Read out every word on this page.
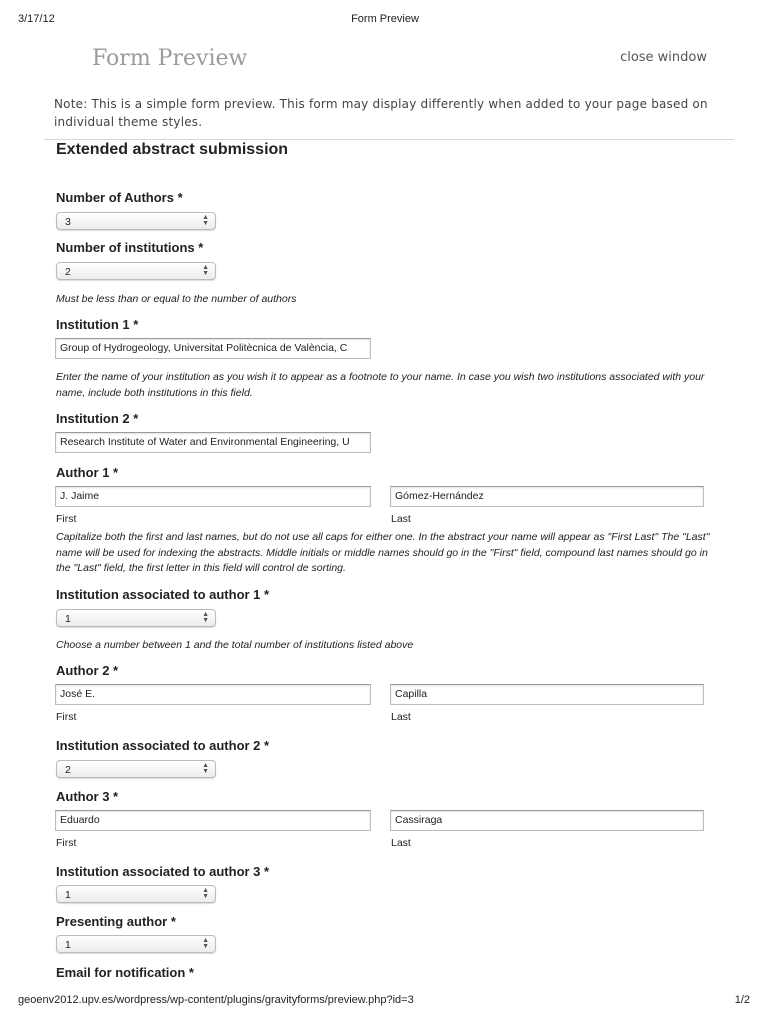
3/17/12	Form Preview
geoenv2012.upv.es/wordpress/wp-content/plugins/gravityforms/preview.php?id=3	1/2
Form Preview	close window
Note: This is a simple form preview. This form may display differently when added to your page based on individual theme styles.
Extended abstract submission
Number of Authors *
3	▲
▼
Number of institutions *
2	▲
▼
Must be less than or equal to the number of authors
Institution 1 *
Group of Hydrogeology, Universitat Politècnica de València, C
Enter the name of your institution as you wish it to appear as a footnote to your name. In case you wish two institutions associated with your name, include both institutions in this field.
Institution 2 *
Research Institute of Water and Environmental Engineering, U
Author 1 *
J. Jaime	Gómez-Hernández
First	Last
Capitalize both the first and last names, but do not use all caps for either one. In the abstract your name will appear as "First Last" The "Last" name will be used for indexing the abstracts. Middle initials or middle names should go in the "First" field, compound last names should go in the "Last" field, the first letter in this field will control de sorting.
Institution associated to author 1 *
1	▲
▼
Choose a number between 1 and the total number of institutions listed above
Author 2 *
José E.	Capilla
First	Last
Institution associated to author 2 *
2	▲
▼
Author 3 *
Eduardo	Cassiraga
First	Last
Institution associated to author 3 *
1	▲
▼
Presenting author *
1	▲
▼
Email for notification *
